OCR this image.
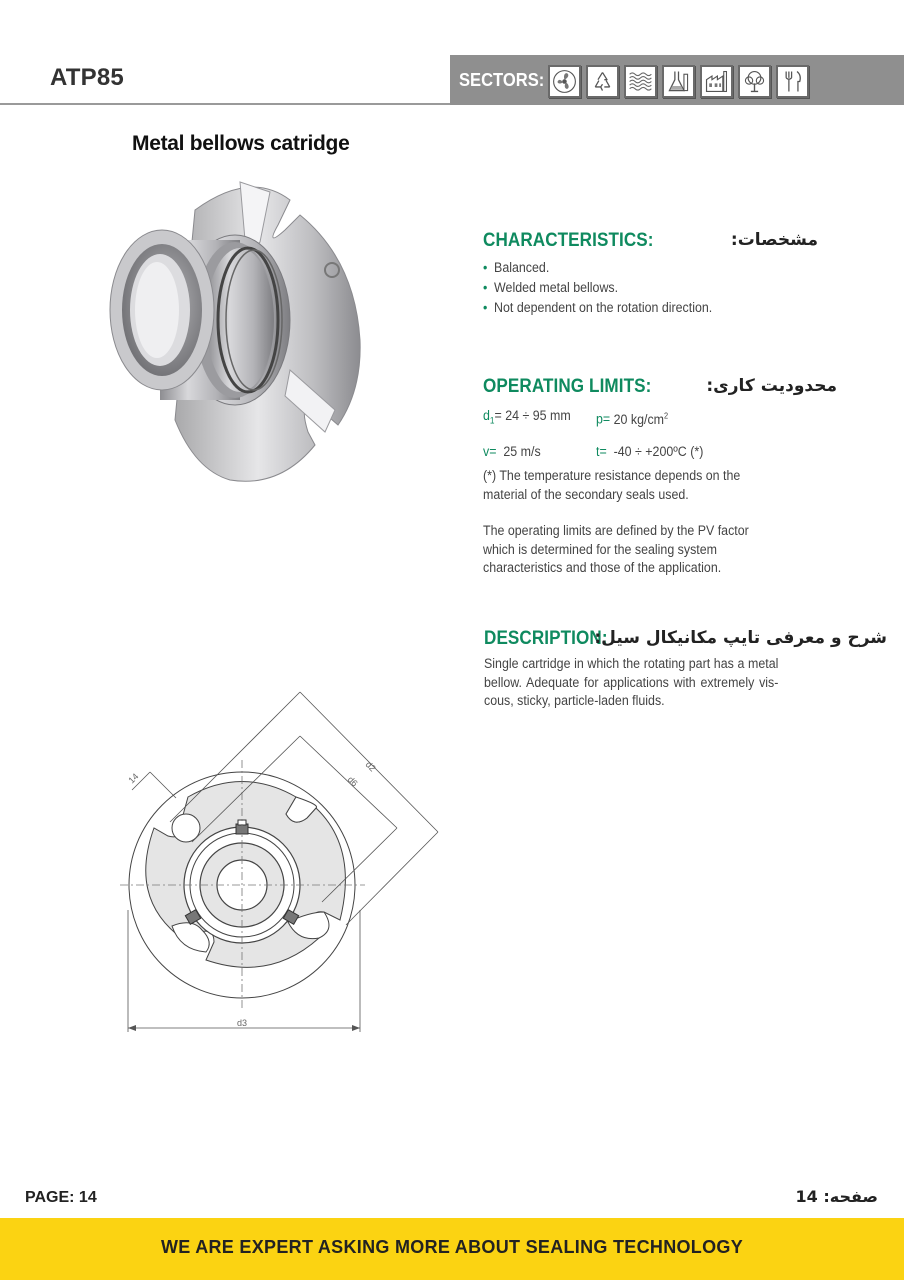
ATP85	SECTORS:
Metal bellows catridge
CHARACTERISTICS:	مشخصات:
• Balanced.
• Welded metal bellows.
• Not dependent on the rotation direction.
OPERATING LIMITS:	محدودیت کاری:
$d_1= 24 \div 95$ mm p= 20 $kg/cm^2$
v= 25 m/s	t= -40 ÷ +200ºC (*)
(*) The temperature resistance depends on the material of the secondary seals used.
The operating limits are defined by the PV factor which is determined for the sealing system characteristics and those of the application.
DESCRIPTION:
شرح و معرفی تایپ مکانیکال سیل:
Single cartridge in which the rotating part has a metal bellow. Adequate for applications with extremely vis-cous, sticky, particle-laden fluids.
d3
d2
d6
14
PAGE: 14	صفحه: 14
WE ARE EXPERT ASKING MORE ABOUT SEALING TECHNOLOGY
